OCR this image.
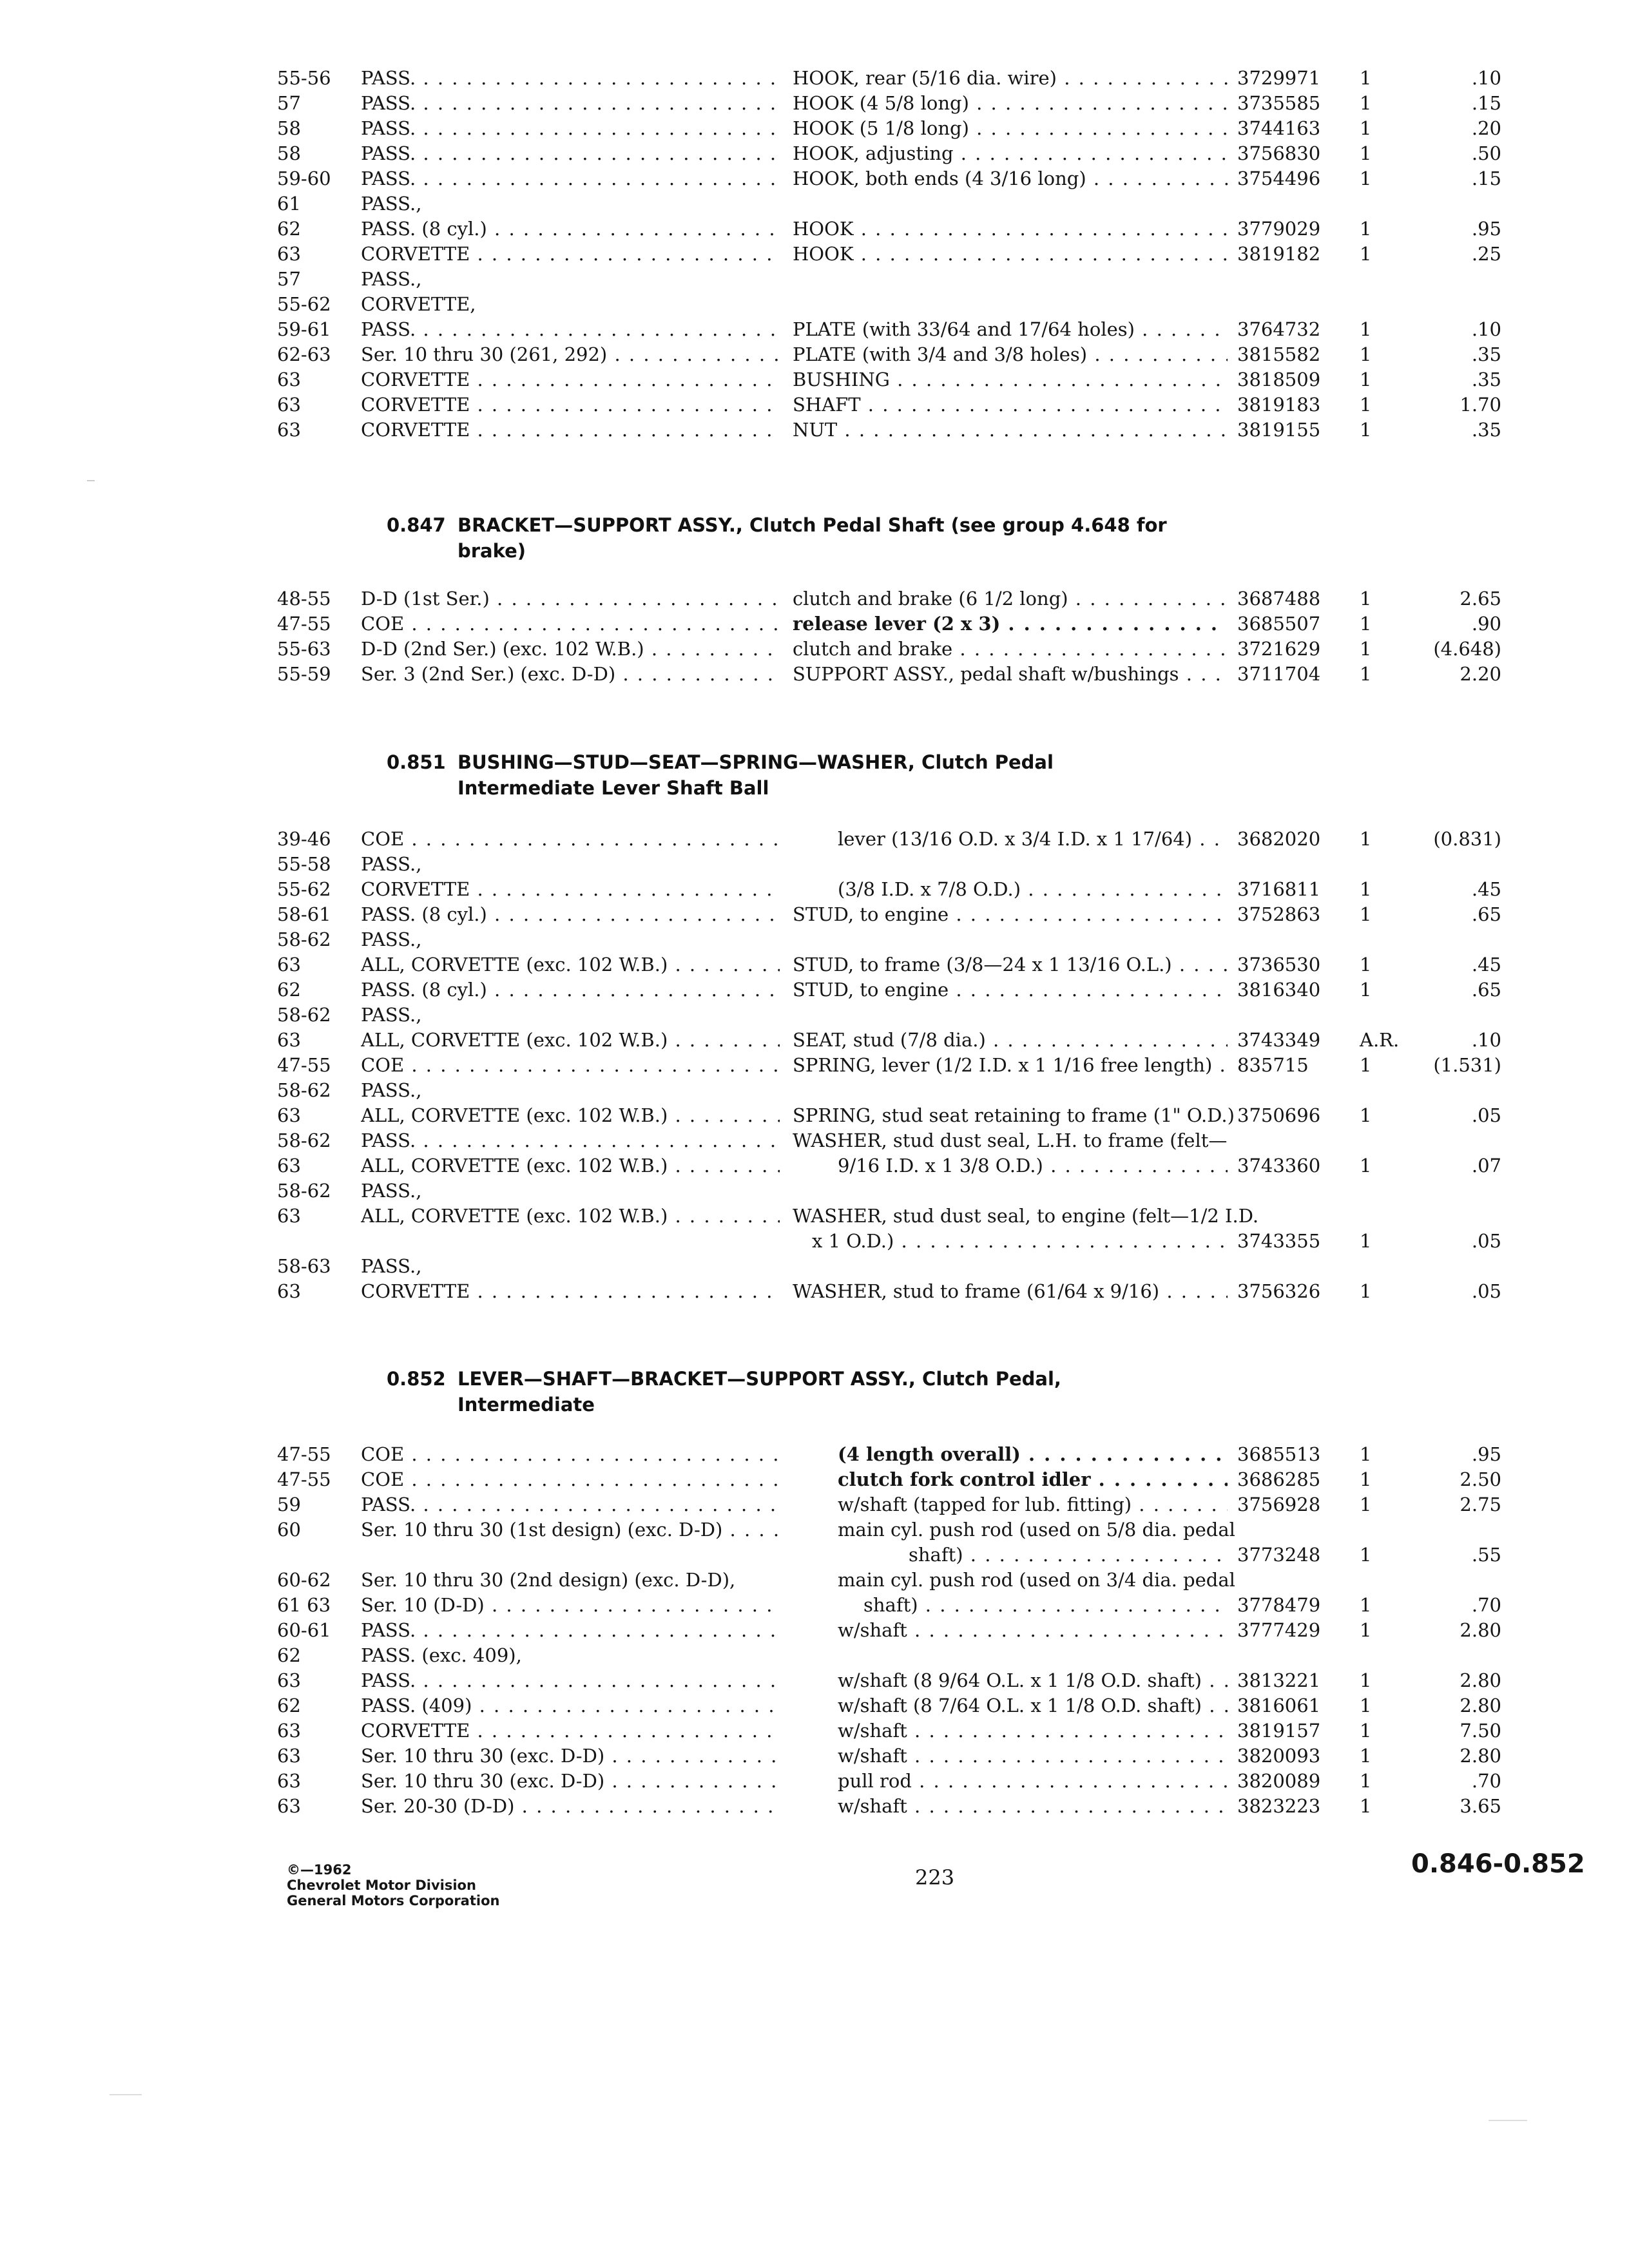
55-56	PASS. . . .	HOOK, rear (5/16 dia. wire) . . .	3729971	1	.10
57	PASS. . . .	HOOK (4 5/8 long) . . .	3735585	1	.15
58	PASS. . . .	HOOK (5 1/8 long) . . .	3744163	1	.20
58	PASS. . . .	HOOK, adjusting . . .	3756830	1	.50
59-60	PASS. . . .	HOOK, both ends (4 3/16 long) . . .	3754496	1	.15
61	PASS.,
62	PASS. (8 cyl.) . . .	HOOK . . .	3779029	1	.95
63	CORVETTE . . .	HOOK . . .	3819182	1	.25
57	PASS.,
55-62	CORVETTE,
59-61	PASS. . . .	PLATE (with 33/64 and 17/64 holes) . . .	3764732	1	.10
62-63	Ser. 10 thru 30 (261, 292) . . .	PLATE (with 3/4 and 3/8 holes) . . .	3815582	1	.35
63	CORVETTE . . .	BUSHING . . .	3818509	1	.35
63	CORVETTE . . .	SHAFT . . .	3819183	1	1.70
63	CORVETTE . . .	NUT . . .	3819155	1	.35
0.847 BRACKET—SUPPORT ASSY., Clutch Pedal Shaft (see group 4.648 for
brake)
48-55	D-D (1st Ser.) . . .	clutch and brake (6 1/2 long) . . .	3687488	1	2.65
47-55	COE . . .	release lever (2 x 3) . . .	3685507	1	.90
55-63	D-D (2nd Ser.) (exc. 102 W.B.) . . .	clutch and brake . . .	3721629	1	(4.648)
55-59	Ser. 3 (2nd Ser.) (exc. D-D) . . .	SUPPORT ASSY., pedal shaft w/bushings . . .	3711704	1	2.20
0.851 BUSHING—STUD—SEAT—SPRING—WASHER, Clutch Pedal
Intermediate Lever Shaft Ball
39-46	COE . . .	lever (13/16 O.D. x 3/4 I.D. x 1 17/64) . . .	3682020	1	(0.831)
55-58	PASS.,
55-62	CORVETTE . . .	(3/8 I.D. x 7/8 O.D.) . . .	3716811	1	.45
58-61	PASS. (8 cyl.) . . .	STUD, to engine . . .	3752863	1	.65
58-62	PASS.,
63	ALL, CORVETTE (exc. 102 W.B.) . . .	STUD, to frame (3/8—24 x 1 13/16 O.L.) . . .	3736530	1	.45
62	PASS. (8 cyl.) . . .	STUD, to engine . . .	3816340	1	.65
58-62	PASS.,
63	ALL, CORVETTE (exc. 102 W.B.) . . .	SEAT, stud (7/8 dia.) . . .	3743349	A.R.	.10
47-55	COE . . .	SPRING, lever (1/2 I.D. x 1 1/16 free length) . . .	835715	1	(1.531)
58-62	PASS.,
63	ALL, CORVETTE (exc. 102 W.B.) . . .	SPRING, stud seat retaining to frame (1" O.D.) 3750696	1	.05
58-62	PASS. . . .	WASHER, stud dust seal, L.H. to frame (felt—
63	ALL, CORVETTE (exc. 102 W.B.) . . .	9/16 I.D. x 1 3/8 O.D.) . . .	3743360	1	.07
58-62	PASS.,
63	ALL, CORVETTE (exc. 102 W.B.) . . .	WASHER, stud dust seal, to engine (felt—1/2 I.D.
x 1 O.D.) . . .	3743355	1	.05
58-63	PASS.,
63	CORVETTE . . .	WASHER, stud to frame (61/64 x 9/16) . . .	3756326	1	.05
0.852 LEVER—SHAFT—BRACKET—SUPPORT ASSY., Clutch Pedal,
Intermediate
47-55	COE . . .	(4 length overall) . . .	3685513	1	.95
47-55	COE . . .	clutch fork control idler . . .	3686285	1	2.50
59	PASS. . . .	w/shaft (tapped for lub. fitting) . . .	3756928	1	2.75
60	Ser. 10 thru 30 (1st design) (exc. D-D) . . .	main cyl. push rod (used on 5/8 dia. pedal
shaft) . . .	3773248	1	.55
60-62	Ser. 10 thru 30 (2nd design) (exc. D-D),	main cyl. push rod (used on 3/4 dia. pedal
61 63	Ser. 10 (D-D) . . .	shaft) . . .	3778479	1	.70
60-61	PASS. . . .	w/shaft . . .	3777429	1	2.80
62	PASS. (exc. 409),
63	PASS. . . .	w/shaft (8 9/64 O.L. x 1 1/8 O.D. shaft) . . .	3813221	1	2.80
62	PASS. (409) . . .	w/shaft (8 7/64 O.L. x 1 1/8 O.D. shaft) . . .	3816061	1	2.80
63	CORVETTE . . .	w/shaft . . .	3819157	1	7.50
63	Ser. 10 thru 30 (exc. D-D) . . .	w/shaft . . .	3820093	1	2.80
63	Ser. 10 thru 30 (exc. D-D) . . .	pull rod . . .	3820089	1	.70
63	Ser. 20-30 (D-D) . . .	w/shaft . . .	3823223	1	3.65
©—1962
Chevrolet Motor Division
General Motors Corporation
223	0.846-0.852
